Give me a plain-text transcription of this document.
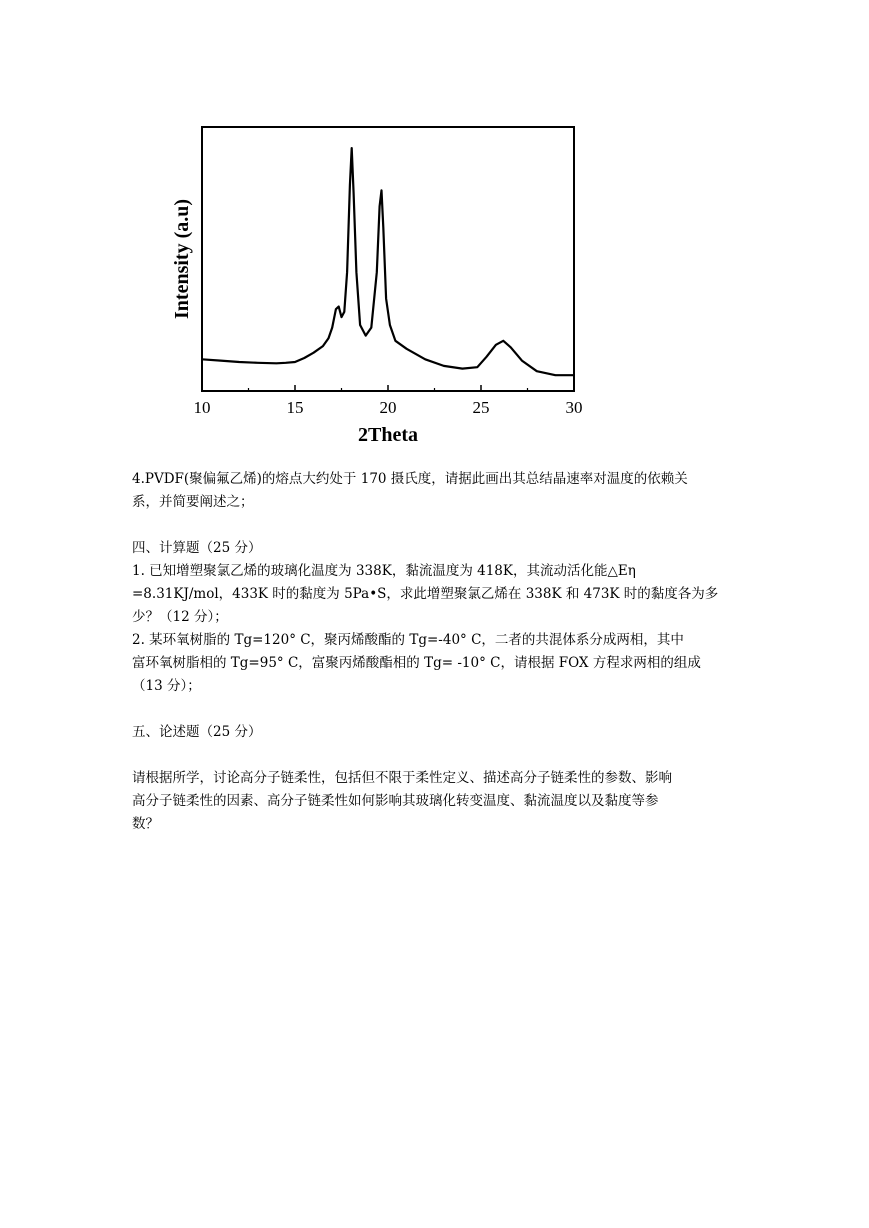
10	15	20	25	30
2Theta
Intensity (a.u)
4.PVDF(聚偏氟乙烯)的熔点大约处于 170 摄氏度，请据此画出其总结晶速率对温度的依赖关
系，并简要阐述之；
四、计算题（25 分）
1. 已知增塑聚氯乙烯的玻璃化温度为 338K，黏流温度为 418K，其流动活化能△Eη
=8.31KJ/mol，433K 时的黏度为 5Pa•S，求此增塑聚氯乙烯在 338K 和 473K 时的黏度各为多
少？（12 分）；
2. 某环氧树脂的 Tg=120° C，聚丙烯酸酯的 Tg=-40° C，二者的共混体系分成两相，其中
富环氧树脂相的 Tg=95° C，富聚丙烯酸酯相的 Tg= -10° C，请根据 FOX 方程求两相的组成
（13 分）；
五、论述题（25 分）
请根据所学，讨论高分子链柔性，包括但不限于柔性定义、描述高分子链柔性的参数、影响
高分子链柔性的因素、高分子链柔性如何影响其玻璃化转变温度、黏流温度以及黏度等参
数？
